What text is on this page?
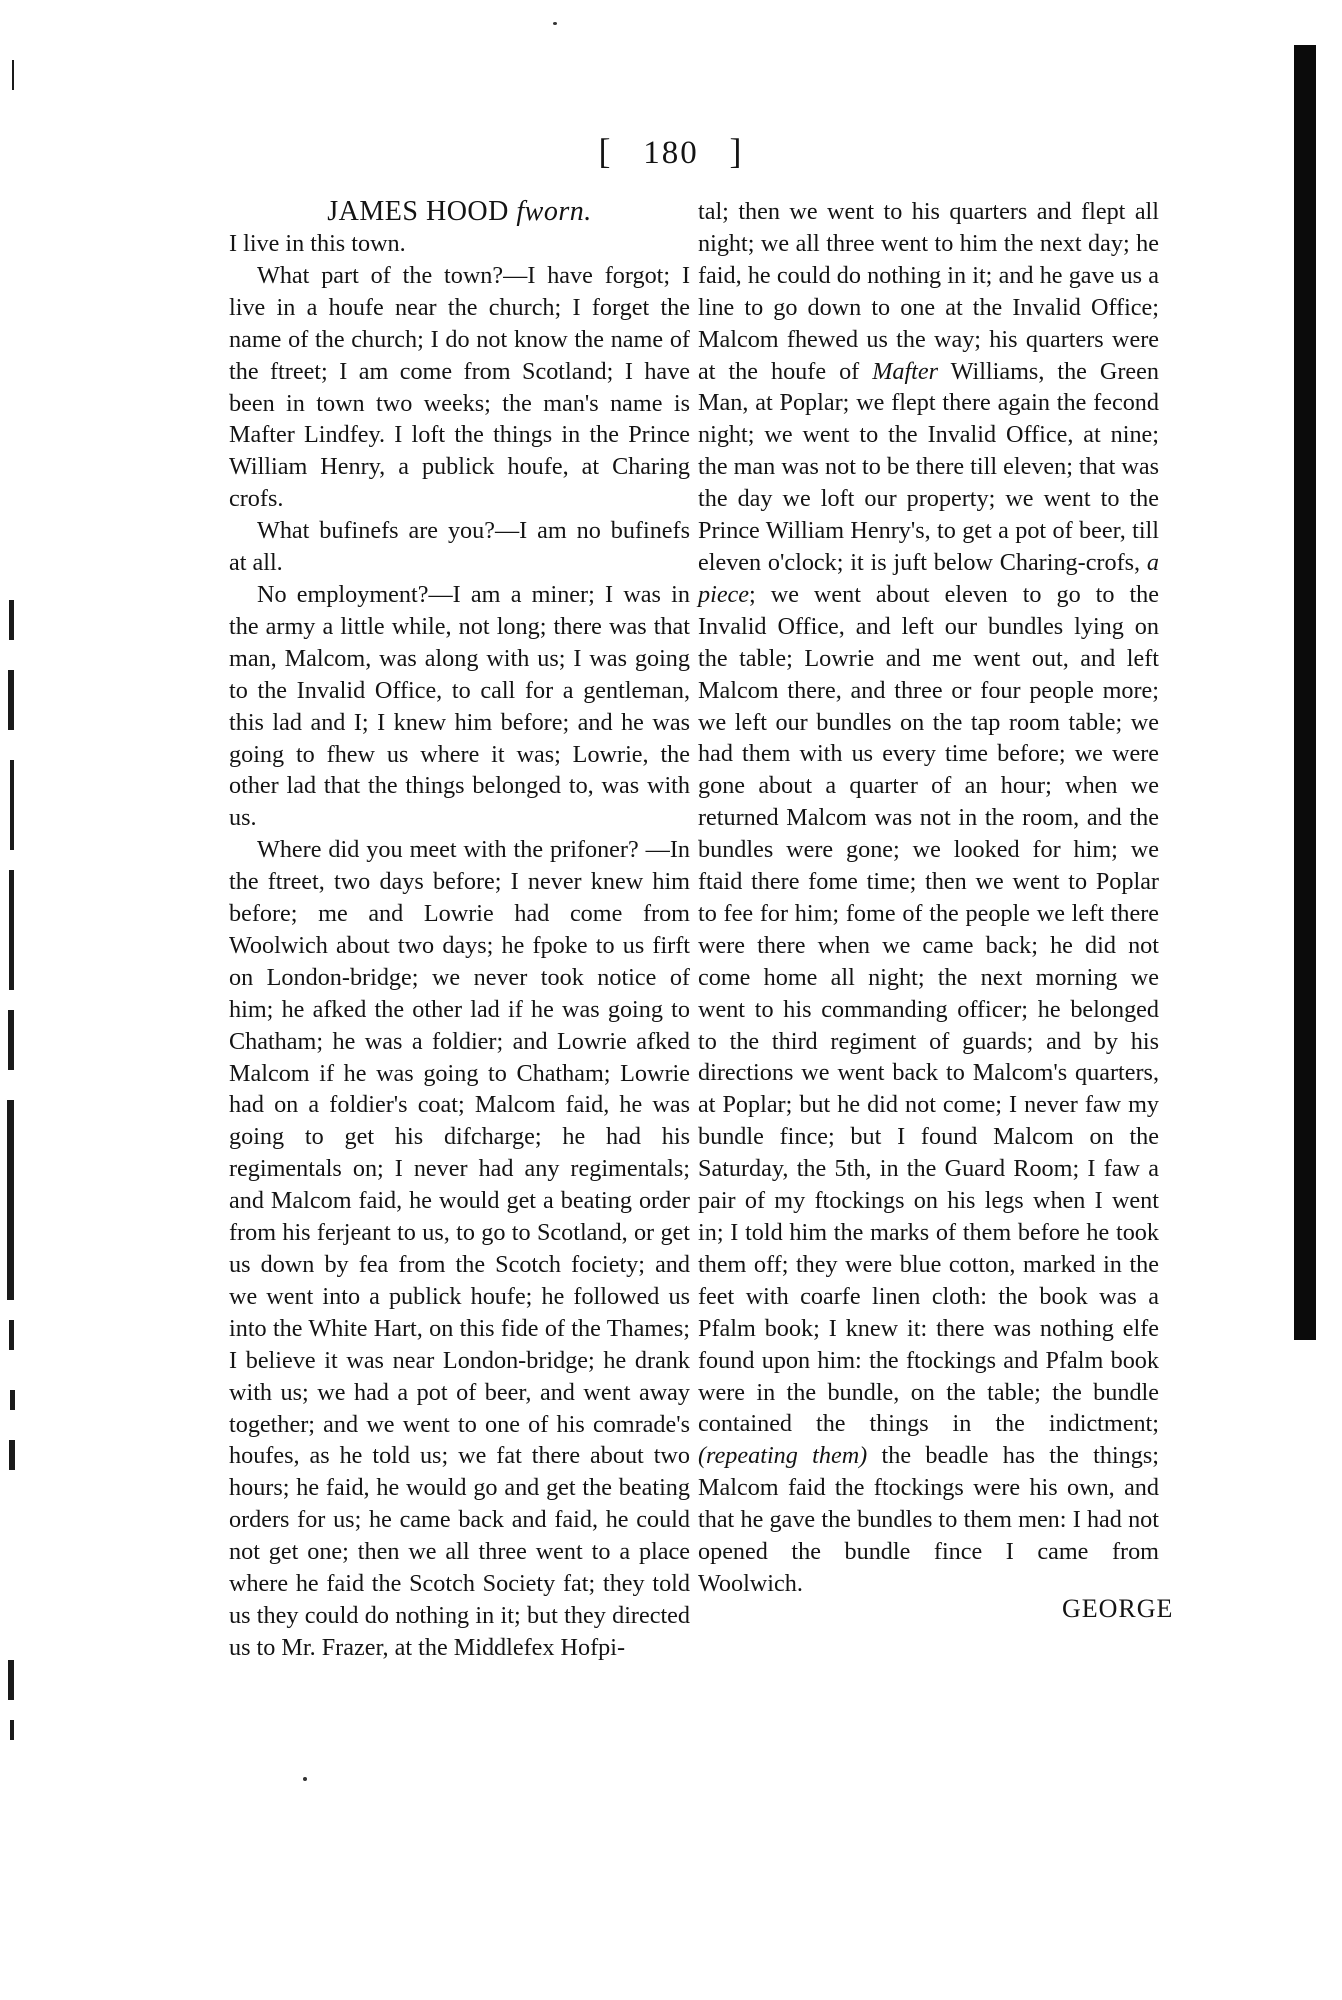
[ 180 ]
JAMES HOOD fworn.

I live in this town.

What part of the town?—I have forgot; I live in a houfe near the church; I forget the name of the church; I do not know the name of the ftreet; I am come from Scotland; I have been in town two weeks; the man's name is Mafter Lindfey. I loft the things in the Prince William Henry, a publick houfe, at Charing crofs.

What bufinefs are you?—I am no bufinefs at all.

No employment?—I am a miner; I was in the army a little while, not long; there was that man, Malcom, was along with us; I was going to the Invalid Office, to call for a gentleman, this lad and I; I knew him before; and he was going to fhew us where it was; Lowrie, the other lad that the things belonged to, was with us.

Where did you meet with the prifoner? —In the ftreet, two days before; I never knew him before; me and Lowrie had come from Woolwich about two days; he fpoke to us firft on London-bridge; we never took notice of him; he afked the other lad if he was going to Chatham; he was a foldier; and Lowrie afked Malcom if he was going to Chatham; Lowrie had on a foldier's coat; Malcom faid, he was going to get his difcharge; he had his regimentals on; I never had any regimentals; and Malcom faid, he would get a beating order from his ferjeant to us, to go to Scotland, or get us down by fea from the Scotch fociety; and we went into a publick houfe; he followed us into the White Hart, on this fide of the Thames; I believe it was near London-bridge; he drank with us; we had a pot of beer, and went away together; and we went to one of his comrade's houfes, as he told us; we fat there about two hours; he faid, he would go and get the beating orders for us; he came back and faid, he could not get one; then we all three went to a place where he faid the Scotch Society fat; they told us they could do nothing in it; but they directed us to Mr. Frazer, at the Middlefex Hofpi-

tal; then we went to his quarters and flept all night; we all three went to him the next day; he faid, he could do nothing in it; and he gave us a line to go down to one at the Invalid Office; Malcom fhewed us the way; his quarters were at the houfe of Mafter Williams, the Green Man, at Poplar; we flept there again the fecond night; we went to the Invalid Office, at nine; the man was not to be there till eleven; that was the day we loft our property; we went to the Prince William Henry's, to get a pot of beer, till eleven o'clock; it is juft below Charing-crofs, a piece; we went about eleven to go to the Invalid Office, and left our bundles lying on the table; Lowrie and me went out, and left Malcom there, and three or four people more; we left our bundles on the tap room table; we had them with us every time before; we were gone about a quarter of an hour; when we returned Malcom was not in the room, and the bundles were gone; we looked for him; we ftaid there fome time; then we went to Poplar to fee for him; fome of the people we left there were there when we came back; he did not come home all night; the next morning we went to his commanding officer; he belonged to the third regiment of guards; and by his directions we went back to Malcom's quarters, at Poplar; but he did not come; I never faw my bundle fince; but I found Malcom on the Saturday, the 5th, in the Guard Room; I faw a pair of my ftockings on his legs when I went in; I told him the marks of them before he took them off; they were blue cotton, marked in the feet with coarfe linen cloth: the book was a Pfalm book; I knew it: there was nothing elfe found upon him: the ftockings and Pfalm book were in the bundle, on the table; the bundle contained the things in the indictment; (repeating them) the beadle has the things; Malcom faid the ftockings were his own, and that he gave the bundles to them men: I had not opened the bundle fince I came from Woolwich.

GEORGE
